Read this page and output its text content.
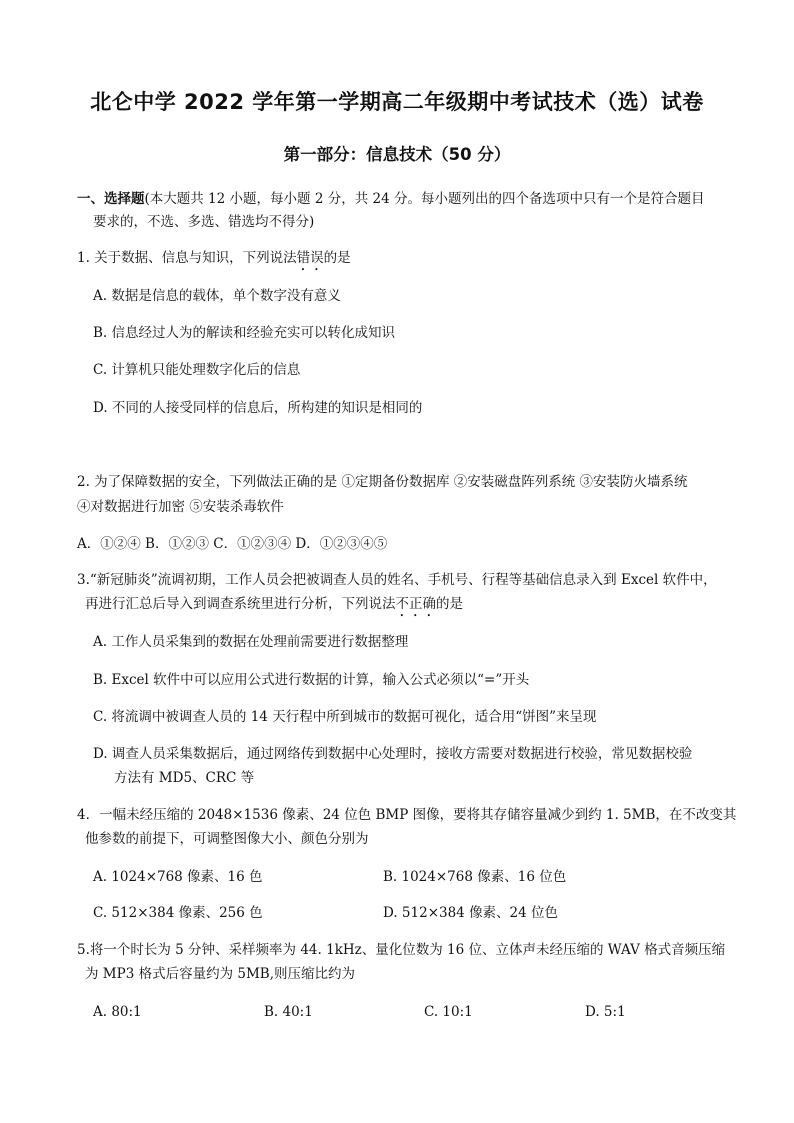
北仑中学 2022 学年第一学期高二年级期中考试技术（选）试卷
第一部分：信息技术（50 分）
一、选择题(本大题共 12 小题，每小题 2 分，共 24 分。每小题列出的四个备选项中只有一个是符合题目
要求的，不选、多选、错选均不得分)
1. 关于数据、信息与知识，下列说法错误的是
A. 数据是信息的载体，单个数字没有意义
B. 信息经过人为的解读和经验充实可以转化成知识
C. 计算机只能处理数字化后的信息
D. 不同的人接受同样的信息后，所构建的知识是相同的
2. 为了保障数据的安全，下列做法正确的是 ①定期备份数据库 ②安装磁盘阵列系统 ③安装防火墙系统
④对数据进行加密 ⑤安装杀毒软件
A．①②④ B．①②③ C．①②③④ D．①②③④⑤
3.“新冠肺炎”流调初期，工作人员会把被调查人员的姓名、手机号、行程等基础信息录入到 Excel 软件中，
再进行汇总后导入到调查系统里进行分析，下列说法不正确的是
A. 工作人员采集到的数据在处理前需要进行数据整理
B. Excel 软件中可以应用公式进行数据的计算，输入公式必须以“=”开头
C. 将流调中被调查人员的 14 天行程中所到城市的数据可视化，适合用“饼图”来呈现
D. 调查人员采集数据后，通过网络传到数据中心处理时，接收方需要对数据进行校验，常见数据校验
方法有 MD5、CRC 等
4．一幅未经压缩的 2048×1536 像素、24 位色 BMP 图像，要将其存储容量减少到约 1. 5MB，在不改变其
他参数的前提下，可调整图像大小、颜色分别为
A. 1024×768 像素、16 色	B. 1024×768 像素、16 位色
C. 512×384 像素、256 色	D. 512×384 像素、24 位色
5.将一个时长为 5 分钟、采样频率为 44. 1kHz、量化位数为 16 位、立体声未经压缩的 WAV 格式音频压缩
为 MP3 格式后容量约为 5MB,则压缩比约为
A. 80:1	B. 40:1	C. 10:1	D. 5:1
